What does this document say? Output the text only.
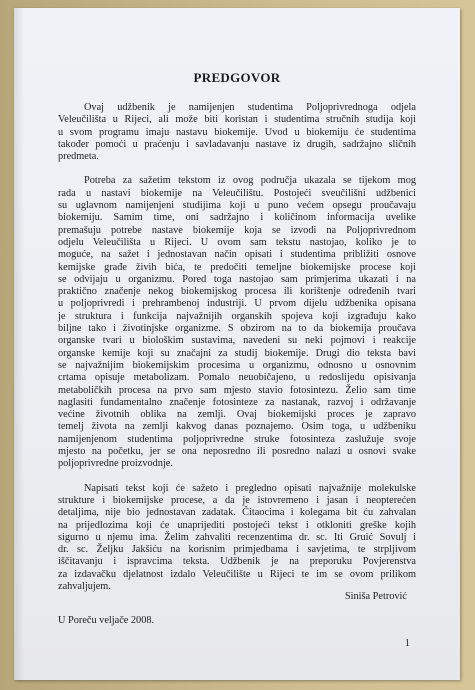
PREDGOVOR

Ovaj udžbenik je namijenjen studentima Poljoprivrednoga odjela
Veleučilišta u Rijeci, ali može biti koristan i studentima stručnih studija koji
u svom programu imaju nastavu biokemije. Uvod u biokemiju će studentima
također pomoći u praćenju i savladavanju nastave iz drugih, sadržajno sličnih
predmeta.

Potreba za sažetim tekstom iz ovog područja ukazala se tijekom mog
rada u nastavi biokemije na Veleučilištu. Postojeći sveučilišni udžbenici
su uglavnom namijenjeni studijima koji u puno većem opsegu proučavaju
biokemiju. Samim time, oni sadržajno i količinom informacija uvelike
premašuju potrebe nastave biokemije koja se izvodi na Poljoprivrednom
odjelu Veleučilišta u Rijeci. U ovom sam tekstu nastojao, koliko je to
moguće, na sažet i jednostavan način opisati i studentima približiti osnove
kemijske građe živih bića, te predočiti temeljne biokemijske procese koji
se odvijaju u organizmu. Pored toga nastojao sam primjerima ukazati i na
praktično značenje nekog biokemijskog procesa ili korištenje određenih tvari
u poljoprivredi i prehrambenoj industriji. U prvom dijelu udžbenika opisana
je struktura i funkcija najvažnijih organskih spojeva koji izgrađuju kako
biljne tako i životinjske organizme. S obzirom na to da biokemija proučava
organske tvari u biološkim sustavima, navedeni su neki pojmovi i reakcije
organske kemije koji su značajni za studij biokemije. Drugi dio teksta bavi
se najvažnijim biokemijskim procesima u organizmu, odnosno u osnovnim
crtama opisuje metabolizam. Pomalo neuobičajeno, u redoslijedu opisivanja
metaboličkih procesa na prvo sam mjesto stavio fotosintezu. Želio sam time
naglasiti fundamentalno značenje fotosinteze za nastanak, razvoj i održavanje
većine životnih oblika na zemlji. Ovaj biokemijski proces je zapravo
temelj života na zemlji kakvog danas poznajemo. Osim toga, u udžbeniku
namijenjenom studentima poljoprivredne struke fotosinteza zaslužuje svoje
mjesto na početku, jer se ona neposredno ili posredno nalazi u osnovi svake
poljoprivredne proizvodnje.

Napisati tekst koji će sažeto i pregledno opisati najvažnije molekulske
strukture i biokemijske procese, a da je istovremeno i jasan i neopterećen
detaljima, nije bio jednostavan zadatak. Čitaocima i kolegama bit ću zahvalan
na prijedlozima koji će unaprijediti postojeći tekst i otkloniti greške kojih
sigurno u njemu ima. Želim zahvaliti recenzentima dr. sc. Iti Gruić Sovulj i
dr. sc. Željku Jakšiću na korisnim primjedbama i savjetima, te strpljivom
iščitavanju i ispravcima teksta. Udžbenik je na preporuku Povjerenstva
za izdavačku djelatnost izdalo Veleučilište u Rijeci te im se ovom prilikom
zahvaljujem.

Siniša Petrović
U Poreču veljače 2008.
1
